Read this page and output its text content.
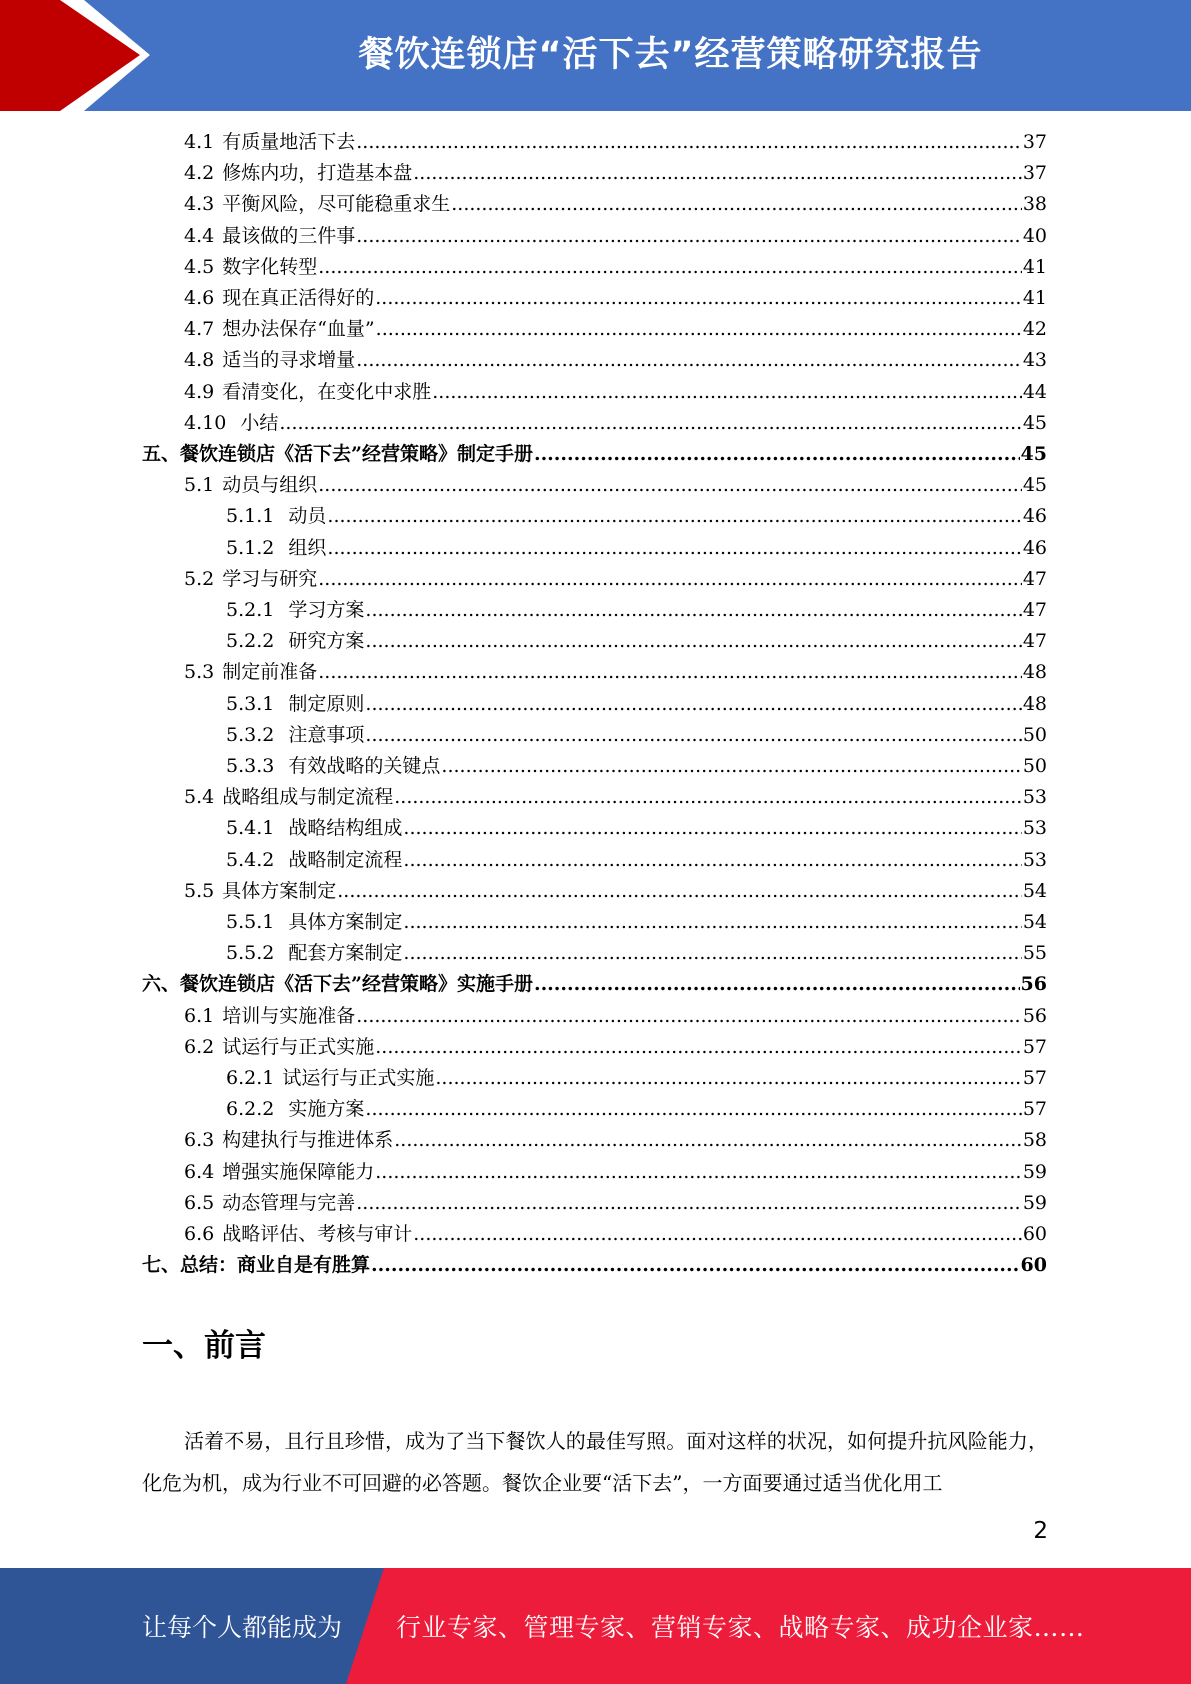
餐饮连锁店“活下去”经营策略研究报告
4.1 有质量地活下去 .....	37
4.2 修炼内功，打造基本盘 .....	37
4.3 平衡风险，尽可能稳重求生 .....	38
4.4 最该做的三件事 .....	40
4.5 数字化转型 .....	41
4.6 现在真正活得好的 .....	41
4.7 想办法保存“血量” .....	42
4.8 适当的寻求增量 .....	43
4.9 看清变化，在变化中求胜 .....	44
4.10 小结 .....	45
五、 餐饮连锁店《活下去”经营策略》制定手册 .....	45
5.1 动员与组织 .....	45
5.1.1 动员 .....	46
5.1.2 组织 .....	46
5.2 学习与研究 .....	47
5.2.1 学习方案 .....	47
5.2.2 研究方案 .....	47
5.3 制定前准备 .....	48
5.3.1 制定原则 .....	48
5.3.2 注意事项 .....	50
5.3.3 有效战略的关键点 .....	50
5.4 战略组成与制定流程 .....	53
5.4.1 战略结构组成 .....	53
5.4.2 战略制定流程 .....	53
5.5 具体方案制定 .....	54
5.5.1 具体方案制定 .....	54
5.5.2 配套方案制定 .....	55
六、 餐饮连锁店《活下去”经营策略》实施手册 .....	56
6.1 培训与实施准备 .....	56
6.2 试运行与正式实施 .....	57
6.2.1 试运行与正式实施 .....	57
6.2.2 实施方案 .....	57
6.3 构建执行与推进体系 .....	58
6.4 增强实施保障能力 .....	59
6.5 动态管理与完善 .....	59
6.6 战略评估、考核与审计 .....	60
七、 总结：商业自是有胜算 .....	60
一、前言
活着不易，且行且珍惜，成为了当下餐饮人的最佳写照。面对这样的状况，如何提升抗风险能力，化危为机，成为行业不可回避的必答题。餐饮企业要“活下去”，一方面要通过适当优化用工
2
让每个人都能成为 行业专家、管理专家、营销专家、战略专家、成功企业家……
